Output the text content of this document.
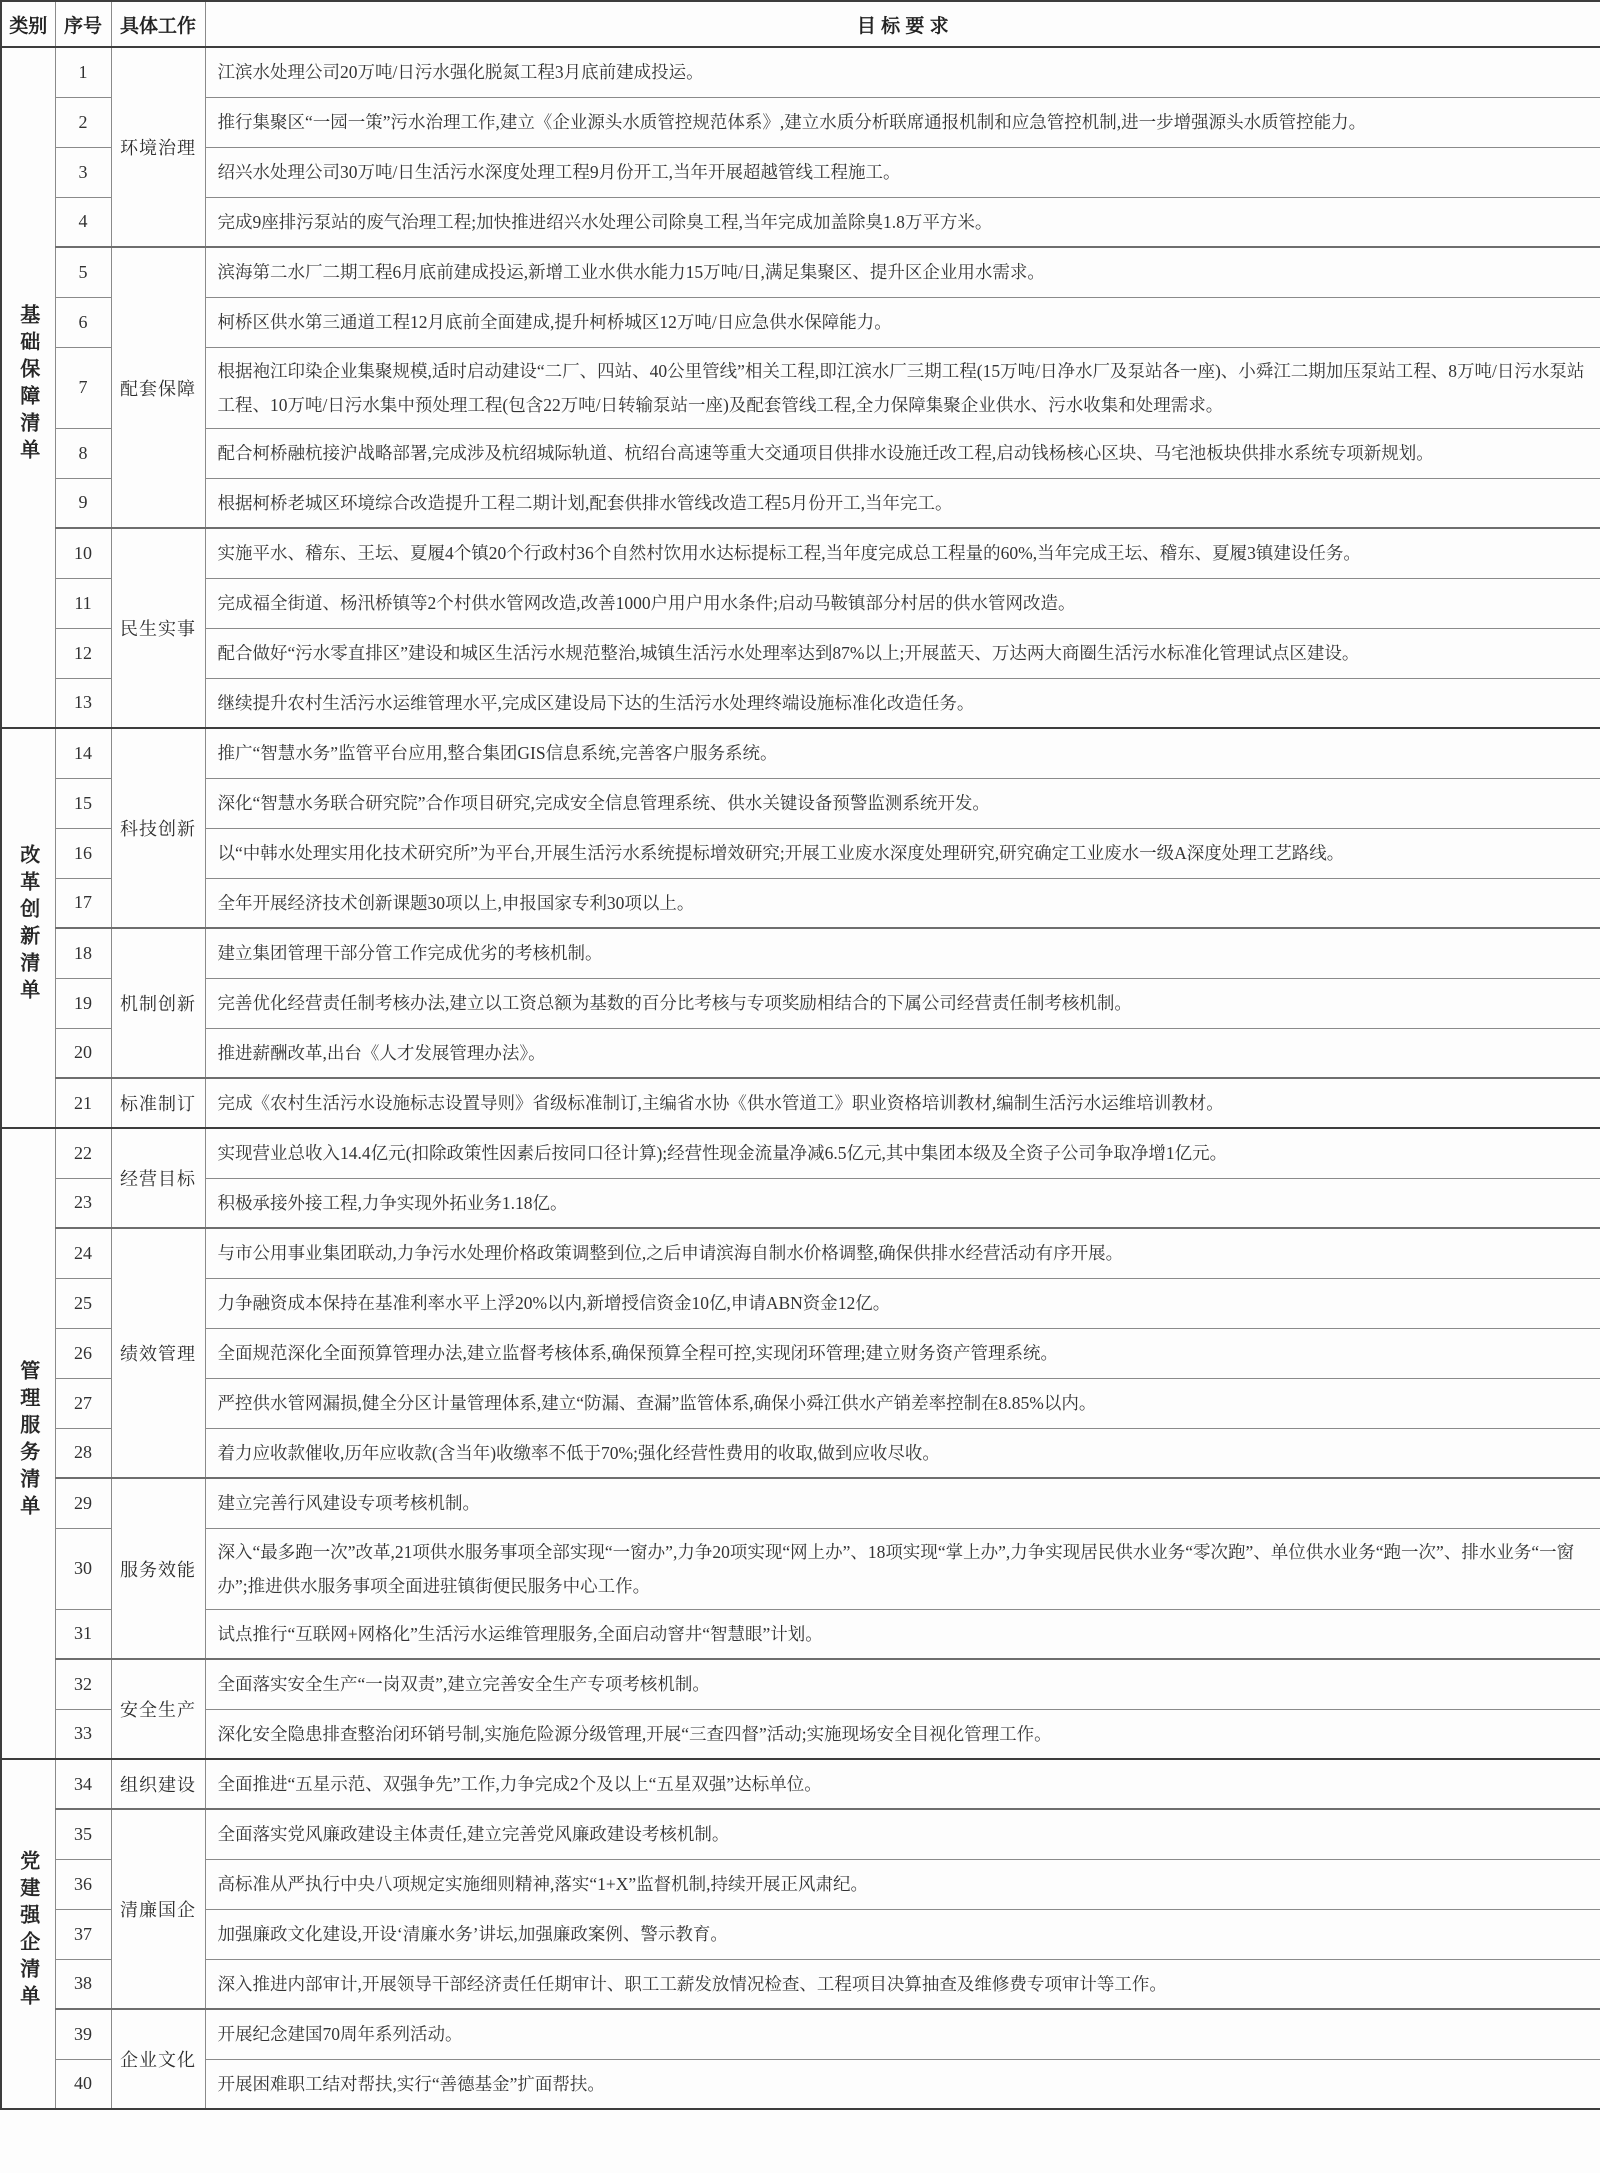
类别	序号	具体工作	目 标 要 求
基础保障清单	1	环境治理	江滨水处理公司20万吨/日污水强化脱氮工程3月底前建成投运。
	2		推行集聚区“一园一策”污水治理工作,建立《企业源头水质管控规范体系》,建立水质分析联席通报机制和应急管控机制,进一步增强源头水质管控能力。
	3		绍兴水处理公司30万吨/日生活污水深度处理工程9月份开工,当年开展超越管线工程施工。
	4		完成9座排污泵站的废气治理工程;加快推进绍兴水处理公司除臭工程,当年完成加盖除臭1.8万平方米。
	5	配套保障	滨海第二水厂二期工程6月底前建成投运,新增工业水供水能力15万吨/日,满足集聚区、提升区企业用水需求。
	6		柯桥区供水第三通道工程12月底前全面建成,提升柯桥城区12万吨/日应急供水保障能力。
	7		根据袍江印染企业集聚规模,适时启动建设“二厂、四站、40公里管线”相关工程,即江滨水厂三期工程(15万吨/日净水厂及泵站各一座)、小舜江二期加压泵站工程、8万吨/日污水泵站工程、10万吨/日污水集中预处理工程(包含22万吨/日转输泵站一座)及配套管线工程,全力保障集聚企业供水、污水收集和处理需求。
	8		配合柯桥融杭接沪战略部署,完成涉及杭绍城际轨道、杭绍台高速等重大交通项目供排水设施迁改工程,启动钱杨核心区块、马宅池板块供排水系统专项新规划。
	9		根据柯桥老城区环境综合改造提升工程二期计划,配套供排水管线改造工程5月份开工,当年完工。
	10	民生实事	实施平水、稽东、王坛、夏履4个镇20个行政村36个自然村饮用水达标提标工程,当年度完成总工程量的60%,当年完成王坛、稽东、夏履3镇建设任务。
	11		完成福全街道、杨汛桥镇等2个村供水管网改造,改善1000户用户用水条件;启动马鞍镇部分村居的供水管网改造。
	12		配合做好“污水零直排区”建设和城区生活污水规范整治,城镇生活污水处理率达到87%以上;开展蓝天、万达两大商圈生活污水标准化管理试点区建设。
	13		继续提升农村生活污水运维管理水平,完成区建设局下达的生活污水处理终端设施标准化改造任务。
改革创新清单	14	科技创新	推广“智慧水务”监管平台应用,整合集团GIS信息系统,完善客户服务系统。
	15		深化“智慧水务联合研究院”合作项目研究,完成安全信息管理系统、供水关键设备预警监测系统开发。
	16		以“中韩水处理实用化技术研究所”为平台,开展生活污水系统提标增效研究;开展工业废水深度处理研究,研究确定工业废水一级A深度处理工艺路线。
	17		全年开展经济技术创新课题30项以上,申报国家专利30项以上。
	18	机制创新	建立集团管理干部分管工作完成优劣的考核机制。
	19		完善优化经营责任制考核办法,建立以工资总额为基数的百分比考核与专项奖励相结合的下属公司经营责任制考核机制。
	20		推进薪酬改革,出台《人才发展管理办法》。
	21	标准制订	完成《农村生活污水设施标志设置导则》省级标准制订,主编省水协《供水管道工》职业资格培训教材,编制生活污水运维培训教材。
管理服务清单	22	经营目标	实现营业总收入14.4亿元(扣除政策性因素后按同口径计算);经营性现金流量净减6.5亿元,其中集团本级及全资子公司争取净增1亿元。
	23		积极承接外接工程,力争实现外拓业务1.18亿。
	24	绩效管理	与市公用事业集团联动,力争污水处理价格政策调整到位,之后申请滨海自制水价格调整,确保供排水经营活动有序开展。
	25		力争融资成本保持在基准利率水平上浮20%以内,新增授信资金10亿,申请ABN资金12亿。
	26		全面规范深化全面预算管理办法,建立监督考核体系,确保预算全程可控,实现闭环管理;建立财务资产管理系统。
	27		严控供水管网漏损,健全分区计量管理体系,建立“防漏、查漏”监管体系,确保小舜江供水产销差率控制在8.85%以内。
	28		着力应收款催收,历年应收款(含当年)收缴率不低于70%;强化经营性费用的收取,做到应收尽收。
	29	服务效能	建立完善行风建设专项考核机制。
	30		深入“最多跑一次”改革,21项供水服务事项全部实现“一窗办”,力争20项实现“网上办”、18项实现“掌上办”,力争实现居民供水业务“零次跑”、单位供水业务“跑一次”、排水业务“一窗办”;推进供水服务事项全面进驻镇街便民服务中心工作。
	31		试点推行“互联网+网格化”生活污水运维管理服务,全面启动窨井“智慧眼”计划。
	32	安全生产	全面落实安全生产“一岗双责”,建立完善安全生产专项考核机制。
	33		深化安全隐患排查整治闭环销号制,实施危险源分级管理,开展“三查四督”活动;实施现场安全目视化管理工作。
党建强企清单	34	组织建设	全面推进“五星示范、双强争先”工作,力争完成2个及以上“五星双强”达标单位。
	35	清廉国企	全面落实党风廉政建设主体责任,建立完善党风廉政建设考核机制。
	36		高标准从严执行中央八项规定实施细则精神,落实“1+X”监督机制,持续开展正风肃纪。
	37		加强廉政文化建设,开设‘清廉水务’讲坛,加强廉政案例、警示教育。
	38		深入推进内部审计,开展领导干部经济责任任期审计、职工工薪发放情况检查、工程项目决算抽查及维修费专项审计等工作。
	39	企业文化	开展纪念建国70周年系列活动。
	40		开展困难职工结对帮扶,实行“善德基金”扩面帮扶。
